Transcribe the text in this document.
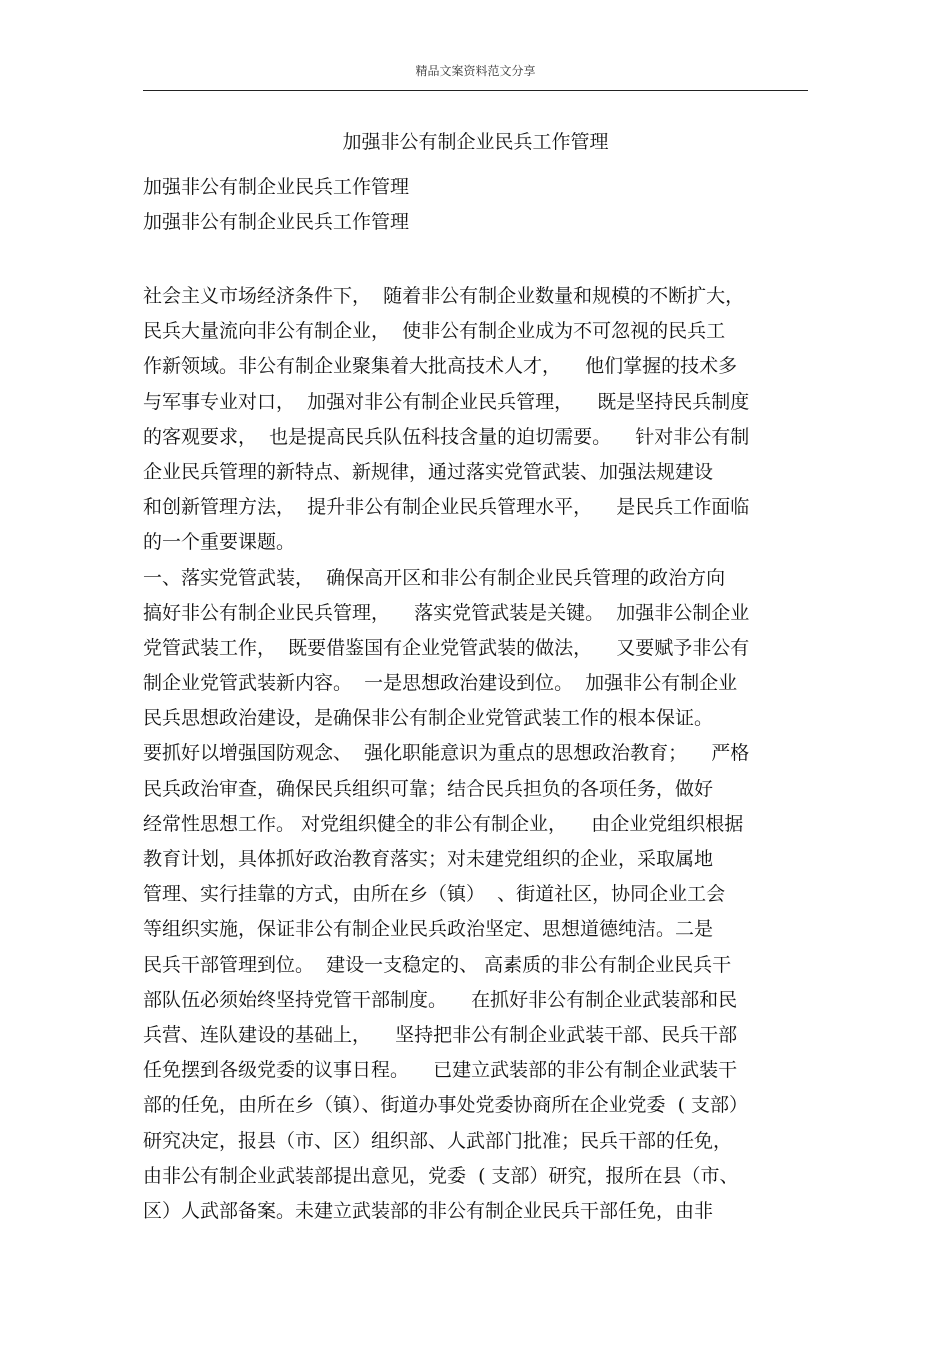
精品文案资料范文分享
加强非公有制企业民兵工作管理
加强非公有制企业民兵工作管理
加强非公有制企业民兵工作管理
社会主义市场经济条件下，  随着非公有制企业数量和规模的不断扩大，
民兵大量流向非公有制企业，  使非公有制企业成为不可忽视的民兵工
作新领域。非公有制企业聚集着大批高技术人才，    他们掌握的技术多
与军事专业对口，  加强对非公有制企业民兵管理，    既是坚持民兵制度
的客观要求，  也是提高民兵队伍科技含量的迫切需要。    针对非公有制
企业民兵管理的新特点、新规律，通过落实党管武装、加强法规建设
和创新管理方法，  提升非公有制企业民兵管理水平，    是民兵工作面临
的一个重要课题。
一、落实党管武装，  确保高开区和非公有制企业民兵管理的政治方向
搞好非公有制企业民兵管理，    落实党管武装是关键。  加强非公制企业
党管武装工作，  既要借鉴国有企业党管武装的做法，    又要赋予非公有
制企业党管武装新内容。  一是思想政治建设到位。  加强非公有制企业
民兵思想政治建设，是确保非公有制企业党管武装工作的根本保证。
要抓好以增强国防观念、  强化职能意识为重点的思想政治教育；    严格
民兵政治审查，确保民兵组织可靠；结合民兵担负的各项任务，做好
经常性思想工作。 对党组织健全的非公有制企业，    由企业党组织根据
教育计划，具体抓好政治教育落实；对未建党组织的企业，采取属地
管理、实行挂靠的方式，由所在乡（镇）  、街道社区，协同企业工会
等组织实施，保证非公有制企业民兵政治坚定、思想道德纯洁。二是
民兵干部管理到位。  建设一支稳定的、 高素质的非公有制企业民兵干
部队伍必须始终坚持党管干部制度。    在抓好非公有制企业武装部和民
兵营、连队建设的基础上，    坚持把非公有制企业武装干部、民兵干部
任免摆到各级党委的议事日程。    已建立武装部的非公有制企业武装干
部的任免，由所在乡（镇）、街道办事处党委协商所在企业党委  ( 支部）
研究决定，报县（市、区）组织部、人武部门批准；民兵干部的任免，
由非公有制企业武装部提出意见，党委  ( 支部）研究，报所在县（市、
区）人武部备案。未建立武装部的非公有制企业民兵干部任免，由非
